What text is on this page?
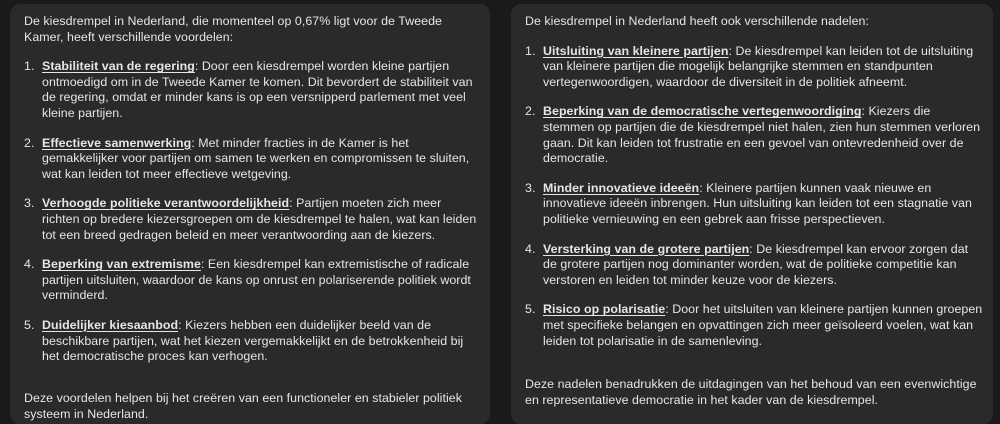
De kiesdrempel in Nederland, die momenteel op 0,67% ligt voor de Tweede Kamer, heeft verschillende voordelen:

1. Stabiliteit van de regering: Door een kiesdrempel worden kleine partijen ontmoedigd om in de Tweede Kamer te komen. Dit bevordert de stabiliteit van de regering, omdat er minder kans is op een versnipperd parlement met veel kleine partijen.
2. Effectieve samenwerking: Met minder fracties in de Kamer is het gemakkelijker voor partijen om samen te werken en compromissen te sluiten, wat kan leiden tot meer effectieve wetgeving.
3. Verhoogde politieke verantwoordelijkheid: Partijen moeten zich meer richten op bredere kiezersgroepen om de kiesdrempel te halen, wat kan leiden tot een breed gedragen beleid en meer verantwoording aan de kiezers.
4. Beperking van extremisme: Een kiesdrempel kan extremistische of radicale partijen uitsluiten, waardoor de kans op onrust en polariserende politiek wordt verminderd.
5. Duidelijker kiesaanbod: Kiezers hebben een duidelijker beeld van de beschikbare partijen, wat het kiezen vergemakkelijkt en de betrokkenheid bij het democratische proces kan verhogen.

Deze voordelen helpen bij het creëren van een functioneler en stabieler politiek systeem in Nederland.

De kiesdrempel in Nederland heeft ook verschillende nadelen:

1. Uitsluiting van kleinere partijen: De kiesdrempel kan leiden tot de uitsluiting van kleinere partijen die mogelijk belangrijke stemmen en standpunten vertegenwoordigen, waardoor de diversiteit in de politiek afneemt.
2. Beperking van de democratische vertegenwoordiging: Kiezers die stemmen op partijen die de kiesdrempel niet halen, zien hun stemmen verloren gaan. Dit kan leiden tot frustratie en een gevoel van ontevredenheid over de democratie.
3. Minder innovatieve ideeën: Kleinere partijen kunnen vaak nieuwe en innovatieve ideeën inbrengen. Hun uitsluiting kan leiden tot een stagnatie van politieke vernieuwing en een gebrek aan frisse perspectieven.
4. Versterking van de grotere partijen: De kiesdrempel kan ervoor zorgen dat de grotere partijen nog dominanter worden, wat de politieke competitie kan verstoren en leiden tot minder keuze voor de kiezers.
5. Risico op polarisatie: Door het uitsluiten van kleinere partijen kunnen groepen met specifieke belangen en opvattingen zich meer geïsoleerd voelen, wat kan leiden tot polarisatie in de samenleving.

Deze nadelen benadrukken de uitdagingen van het behoud van een evenwichtige en representatieve democratie in het kader van de kiesdrempel.
